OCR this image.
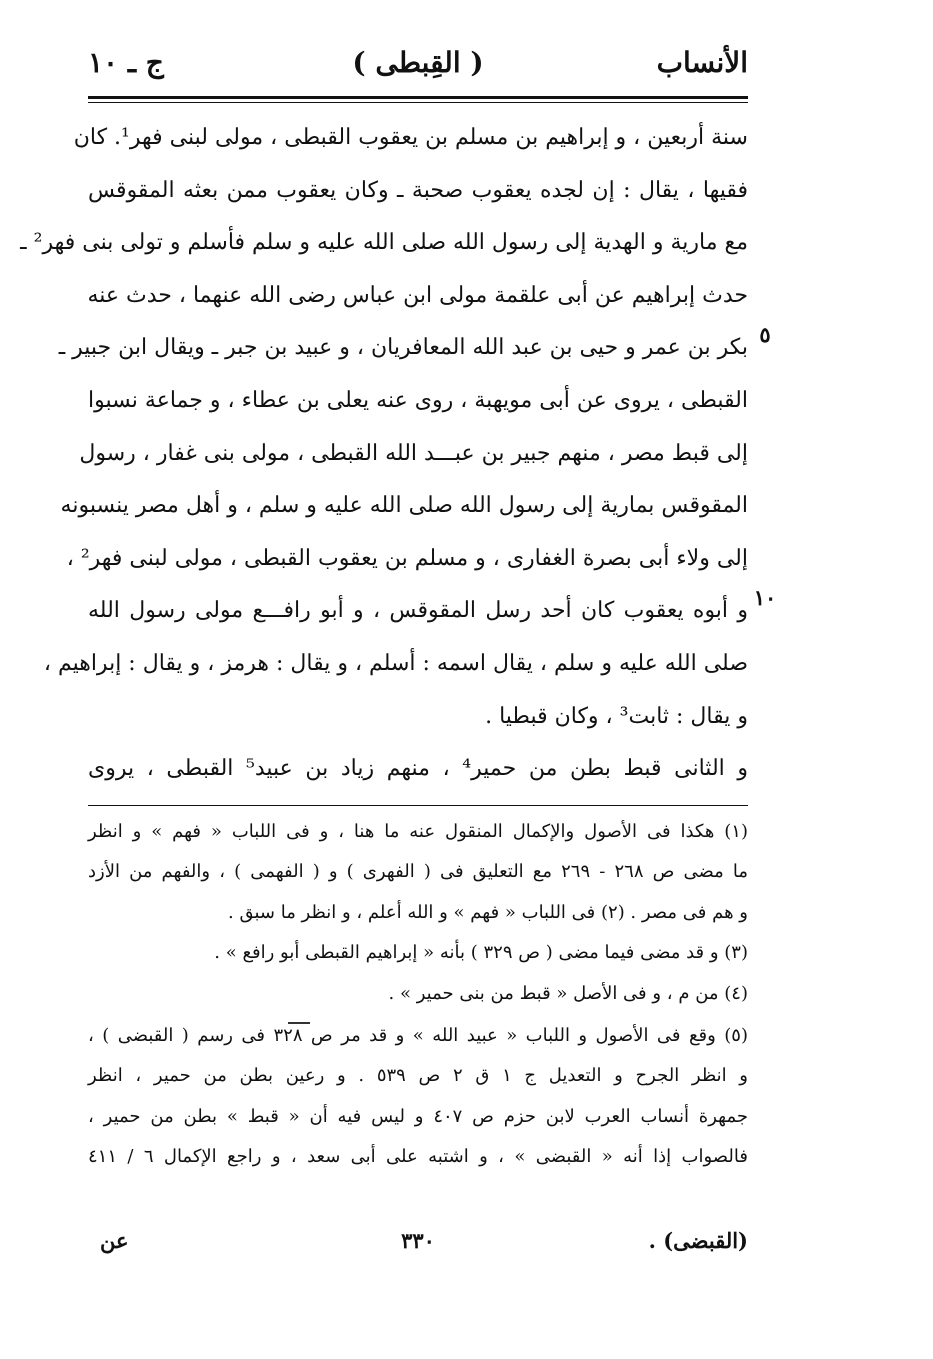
الأنساب
( القِبطى )
ج ـ ١٠
٥
١٠
سنة أربعين ، و إبراهيم بن مسلم بن يعقوب القبطى ، مولى لبنى فهر¹. كان
فقيها ، يقال : إن لجده يعقوب صحبة ـ وكان يعقوب ممن بعثه المقوقس
مع مارية و الهدية إلى رسول الله صلى الله عليه و سلم فأسلم و تولى بنى فهر² ـ
حدث إبراهيم عن أبى علقمة مولى ابن عباس رضى الله عنهما ، حدث عنه
بكر بن عمر و حيى بن عبد الله المعافريان ، و عبيد بن جبر ـ ويقال ابن جبير ـ
القبطى ، يروى عن أبى مويهبة ، روى عنه يعلى بن عطاء ، و جماعة نسبوا
إلى قبط مصر ، منهم جبير بن عبـــد الله القبطى ، مولى بنى غفار ، رسول
المقوقس بمارية إلى رسول الله صلى الله عليه و سلم ، و أهل مصر ينسبونه
إلى ولاء أبى بصرة الغفارى ، و مسلم بن يعقوب القبطى ، مولى لبنى فهر² ،
و أبوه يعقوب كان أحد رسل المقوقس ، و أبو رافـــع مولى رسول الله
صلى الله عليه و سلم ، يقال اسمه : أسلم ، و يقال : هرمز ، و يقال : إبراهيم ،
و يقال : ثابت³ ، وكان قبطيا .
و الثانى قبط بطن من حمير⁴ ، منهم زياد بن عبيد⁵ القبطى ، يروى
(١) هكذا فى الأصول والإكمال المنقول عنه ما هنا ، و فى اللباب « فهم » و انظر
ما مضى ص ٢٦٨ - ٢٦٩ مع التعليق فى ( الفهرى ) و ( الفهمى ) ، والفهم من الأزد
و هم فى مصر . (٢) فى اللباب « فهم » و الله أعلم ، و انظر ما سبق .
(٣) و قد مضى فيما مضى ( ص ٣٢٩ ) بأنه « إبراهيم القبطى أبو رافع » .
(٤) من م ، و فى الأصل « قبط من بنى حمير » .
(٥) وقع فى الأصول و اللباب « عبيد الله » و قد مر ص ٣٢٨ فى رسم ( القبضى ) ،
و انظر الجرح و التعديل ج ١ ق ٢ ص ٥٣٩ . و رعين بطن من حمير ، انظر
جمهرة أنساب العرب لابن حزم ص ٤٠٧ و ليس فيه أن « قبط » بطن من حمير ،
فالصواب إذا أنه « القبضى » ، و اشتبه على أبى سعد ، و راجع الإكمال ٦ / ٤١١
(القبضى) .
٣٣٠
عن
